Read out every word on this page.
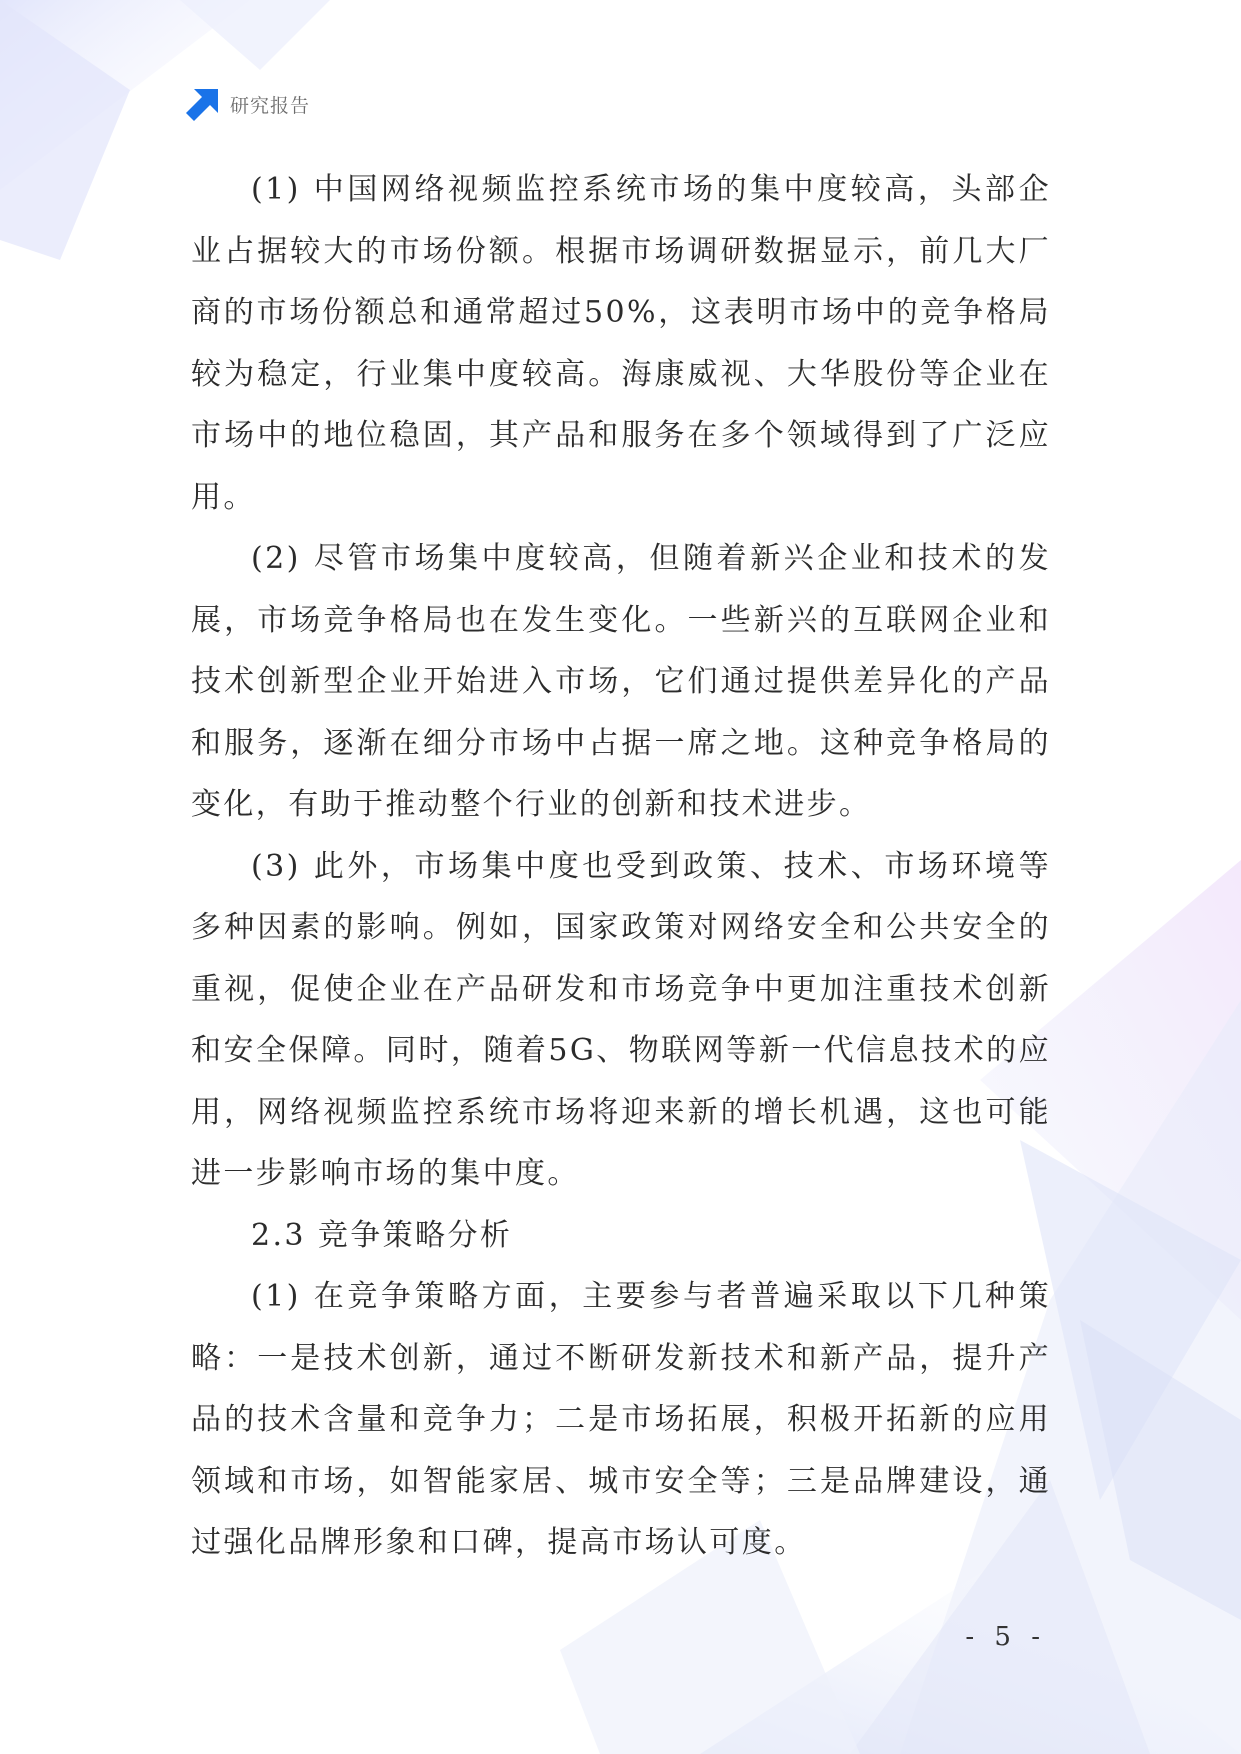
研究报告

(1) 中国网络视频监控系统市场的集中度较高，头部企业占据较大的市场份额。根据市场调研数据显示，前几大厂商的市场份额总和通常超过50%，这表明市场中的竞争格局较为稳定，行业集中度较高。海康威视、大华股份等企业在市场中的地位稳固，其产品和服务在多个领域得到了广泛应用。

(2) 尽管市场集中度较高，但随着新兴企业和技术的发展，市场竞争格局也在发生变化。一些新兴的互联网企业和技术创新型企业开始进入市场，它们通过提供差异化的产品和服务，逐渐在细分市场中占据一席之地。这种竞争格局的变化，有助于推动整个行业的创新和技术进步。

(3) 此外，市场集中度也受到政策、技术、市场环境等多种因素的影响。例如，国家政策对网络安全和公共安全的重视，促使企业在产品研发和市场竞争中更加注重技术创新和安全保障。同时，随着5G、物联网等新一代信息技术的应用，网络视频监控系统市场将迎来新的增长机遇，这也可能进一步影响市场的集中度。

2.3 竞争策略分析

(1) 在竞争策略方面，主要参与者普遍采取以下几种策略：一是技术创新，通过不断研发新技术和新产品，提升产品的技术含量和竞争力；二是市场拓展，积极开拓新的应用领域和市场，如智能家居、城市安全等；三是品牌建设，通过强化品牌形象和口碑，提高市场认可度。

- 5 -
